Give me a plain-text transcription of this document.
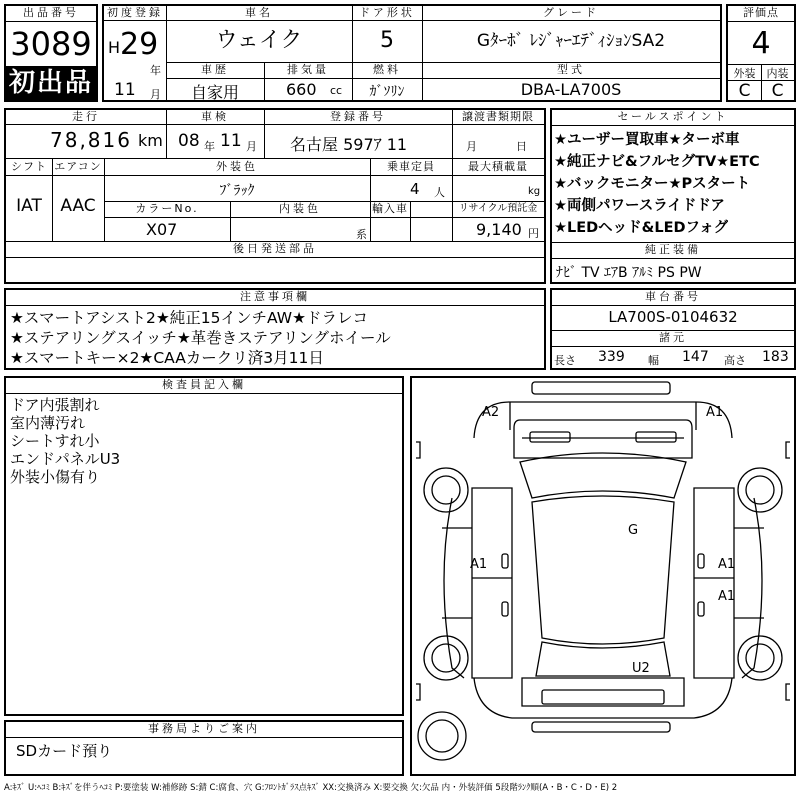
出品番号
3089
初出品
初度登録
H 29
年
11 月
車名
ウェイク
ドア形状
5
グレード
Gﾀｰﾎﾞ ﾚｼﾞｬｰｴﾃﾞｨｼｮﾝSA2
車歴
自家用
排気量
660 cc
燃料
ｶﾞｿﾘﾝ
型式
DBA-LA700S
評価点
4
外装	内装
C	C
走行
78,816 km
車検
08 年 11 月
登録番号
名古屋 597ｱ 11
譲渡書類期限
月	日
シフト
IAT
エアコン
AAC
外装色
ﾌﾞﾗｯｸ
乗車定員
4 人
最大積載量
kg
カラーNo.
X07
内装色
系
輸入車	リサイクル預託金
9,140 円
後日発送部品
セールスポイント
★ユーザー買取車★ターボ車
★純正ナビ&フルセグTV★ETC
★バックモニター★Pスタート
★両側パワースライドドア
★LEDヘッド&LEDフォグ
純正装備
ﾅﾋﾞ TV ｴｱB ｱﾙﾐ PS PW
注意事項欄
★スマートアシスト2★純正15インチAW★ドラレコ
★ステアリングスイッチ★革巻きステアリングホイール
★スマートキー×2★CAAカークリ済3月11日
車台番号
LA700S-0104632
諸元
長さ 339 幅 147 高さ 183
検査員記入欄
ドア内張割れ
室内薄汚れ
シートすれ小
エンドパネルU3
外装小傷有り
事務局よりご案内
SDカード預り
A2	A1
G
A1	A1
A1
U2
A:ｷｽﾞ U:ﾍｺﾐ B:ｷｽﾞを伴うﾍｺﾐ P:要塗装 W:補修跡 S:錆 C:腐食、穴 G:ﾌﾛﾝﾄｶﾞﾗｽ点ｷｽﾞ XX:交換済み X:要交換 欠:欠品 内・外装評価 5段階ﾗﾝｸ順(A・B・C・D・E) 2
